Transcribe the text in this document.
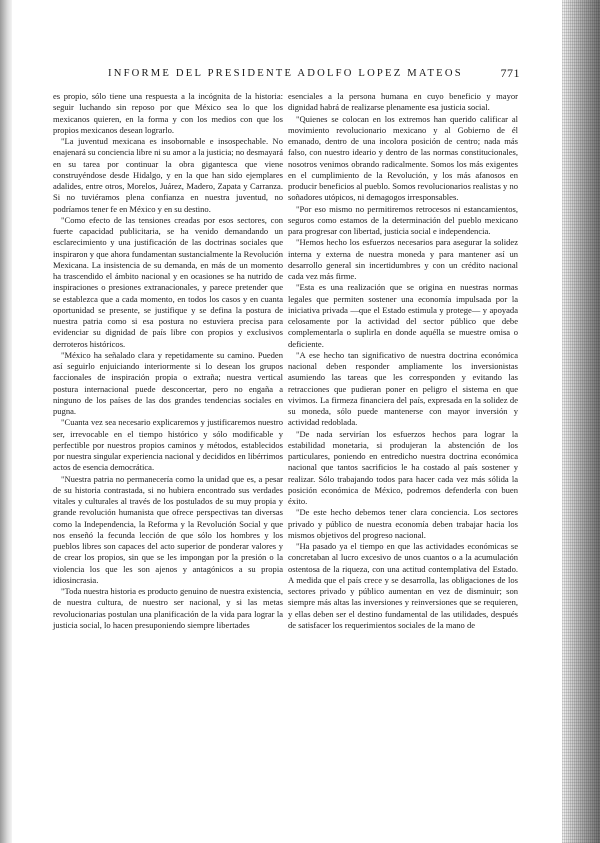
INFORME DEL PRESIDENTE ADOLFO LOPEZ MATEOS	771

es propio, sólo tiene una respuesta a la incógnita de la historia: seguir luchando sin reposo por que México sea lo que los mexicanos quieren, en la forma y con los medios con que los propios mexicanos desean lograrlo.

"La juventud mexicana es insobornable e insospechable. No enajenará su conciencia libre ni su amor a la justicia; no desmayará en su tarea por continuar la obra gigantesca que viene construyéndose desde Hidalgo, y en la que han sido ejemplares adalides, entre otros, Morelos, Juárez, Madero, Zapata y Carranza. Si no tuviéramos plena confianza en nuestra juventud, no podríamos tener fe en México y en su destino.

"Como efecto de las tensiones creadas por esos sectores, con fuerte capacidad publicitaria, se ha venido demandando un esclarecimiento y una justificación de las doctrinas sociales que inspiraron y que ahora fundamentan sustancialmente la Revolución Mexicana. La insistencia de su demanda, en más de un momento ha trascendido el ámbito nacional y en ocasiones se ha nutrido de inspiraciones o presiones extranacionales, y parece pretender que se establezca que a cada momento, en todos los casos y en cuanta oportunidad se presente, se justifique y se defina la postura de nuestra patria como si esa postura no estuviera precisa para evidenciar su dignidad de país libre con propios y exclusivos derroteros históricos.

"México ha señalado clara y repetidamente su camino. Pueden así seguirlo enjuiciando interiormente si lo desean los grupos faccionales de inspiración propia o extraña; nuestra vertical postura internacional puede desconcertar, pero no engaña a ninguno de los países de las dos grandes tendencias sociales en pugna.

"Cuanta vez sea necesario explicaremos y justificaremos nuestro ser, irrevocable en el tiempo histórico y sólo modificable y perfectible por nuestros propios caminos y métodos, establecidos por nuestra singular experiencia nacional y decididos en libérrimos actos de esencia democrática.

"Nuestra patria no permanecería como la unidad que es, a pesar de su historia contrastada, si no hubiera encontrado sus verdades vitales y culturales al través de los postulados de su muy propia y grande revolución humanista que ofrece perspectivas tan diversas como la Independencia, la Reforma y la Revolución Social y que nos enseñó la fecunda lección de que sólo los hombres y los pueblos libres son capaces del acto superior de ponderar valores y de crear los propios, sin que se les impongan por la presión o la violencia los que les son ajenos y antagónicos a su propia idiosincrasia.

"Toda nuestra historia es producto genuino de nuestra existencia, de nuestra cultura, de nuestro ser nacional, y si las metas revolucionarias postulan una planificación de la vida para lograr la justicia social, lo hacen presuponiendo siempre libertades

esenciales a la persona humana en cuyo beneficio y mayor dignidad habrá de realizarse plenamente esa justicia social.

"Quienes se colocan en los extremos han querido calificar al movimiento revolucionario mexicano y al Gobierno de él emanado, dentro de una incolora posición de centro; nada más falso, con nuestro ideario y dentro de las normas constitucionales, nosotros venimos obrando radicalmente. Somos los más exigentes en el cumplimiento de la Revolución, y los más afanosos en producir beneficios al pueblo. Somos revolucionarios realistas y no soñadores utópicos, ni demagogos irresponsables.

"Por eso mismo no permitiremos retrocesos ni estancamientos, seguros como estamos de la determinación del pueblo mexicano para progresar con libertad, justicia social e independencia.

"Hemos hecho los esfuerzos necesarios para asegurar la solidez interna y externa de nuestra moneda y para mantener así un desarrollo general sin incertidumbres y con un crédito nacional cada vez más firme.

"Esta es una realización que se origina en nuestras normas legales que permiten sostener una economía impulsada por la iniciativa privada —que el Estado estimula y protege— y apoyada celosamente por la actividad del sector público que debe complementarla o suplirla en donde aquélla se muestre omisa o deficiente.

"A ese hecho tan significativo de nuestra doctrina económica nacional deben responder ampliamente los inversionistas asumiendo las tareas que les corresponden y evitando las retracciones que pudieran poner en peligro el sistema en que vivimos. La firmeza financiera del país, expresada en la solidez de su moneda, sólo puede mantenerse con mayor inversión y actividad redoblada.

"De nada servirían los esfuerzos hechos para lograr la estabilidad monetaria, si produjeran la abstención de los particulares, poniendo en entredicho nuestra doctrina económica nacional que tantos sacrificios le ha costado al país sostener y realizar. Sólo trabajando todos para hacer cada vez más sólida la posición económica de México, podremos defenderla con buen éxito.

"De este hecho debemos tener clara conciencia. Los sectores privado y público de nuestra economía deben trabajar hacia los mismos objetivos del progreso nacional.

"Ha pasado ya el tiempo en que las actividades económicas se concretaban al lucro excesivo de unos cuantos o a la acumulación ostentosa de la riqueza, con una actitud contemplativa del Estado. A medida que el país crece y se desarrolla, las obligaciones de los sectores privado y público aumentan en vez de disminuir; son siempre más altas las inversiones y reinversiones que se requieren, y ellas deben ser el destino fundamental de las utilidades, después de satisfacer los requerimientos sociales de la mano de
